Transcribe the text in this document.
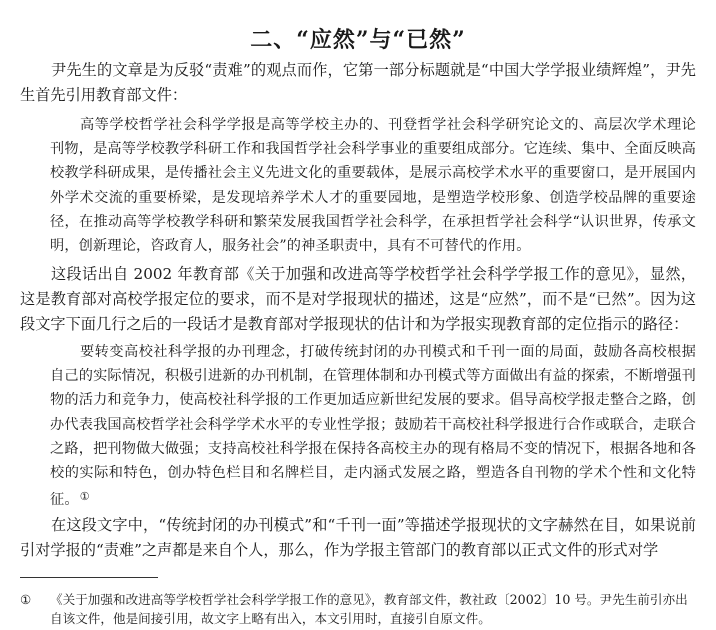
二、“应然”与“已然”

尹先生的文章是为反驳“责难”的观点而作，它第一部分标题就是“中国大学学报业绩辉煌”，尹先生首先引用教育部文件：

高等学校哲学社会科学学报是高等学校主办的、刊登哲学社会科学研究论文的、高层次学术理论刊物，是高等学校教学科研工作和我国哲学社会科学事业的重要组成部分。它连续、集中、全面反映高校教学科研成果，是传播社会主义先进文化的重要载体，是展示高校学术水平的重要窗口，是开展国内外学术交流的重要桥梁，是发现培养学术人才的重要园地，是塑造学校形象、创造学校品牌的重要途径，在推动高等学校教学科研和繁荣发展我国哲学社会科学，在承担哲学社会科学“认识世界，传承文明，创新理论，咨政育人，服务社会”的神圣职责中，具有不可替代的作用。

这段话出自 2002 年教育部《关于加强和改进高等学校哲学社会科学学报工作的意见》，显然，这是教育部对高校学报定位的要求，而不是对学报现状的描述，这是“应然”，而不是“已然”。因为这段文字下面几行之后的一段话才是教育部对学报现状的估计和为学报实现教育部的定位指示的路径：

要转变高校社科学报的办刊理念，打破传统封闭的办刊模式和千刊一面的局面，鼓励各高校根据自己的实际情况，积极引进新的办刊机制，在管理体制和办刊模式等方面做出有益的探索，不断增强刊物的活力和竞争力，使高校社科学报的工作更加适应新世纪发展的要求。倡导高校学报走整合之路，创办代表我国高校哲学社会科学学术水平的专业性学报；鼓励若干高校社科学报进行合作或联合，走联合之路，把刊物做大做强；支持高校社科学报在保持各高校主办的现有格局不变的情况下，根据各地和各校的实际和特色，创办特色栏目和名牌栏目，走内涵式发展之路，塑造各自刊物的学术个性和文化特征。①

在这段文字中，“传统封闭的办刊模式”和“千刊一面”等描述学报现状的文字赫然在目，如果说前引对学报的“责难”之声都是来自个人，那么，作为学报主管部门的教育部以正式文件的形式对学

① 《关于加强和改进高等学校哲学社会科学学报工作的意见》，教育部文件，教社政〔2002〕10 号。尹先生前引亦出
自该文件，他是间接引用，故文字上略有出入，本文引用时，直接引自原文件。
